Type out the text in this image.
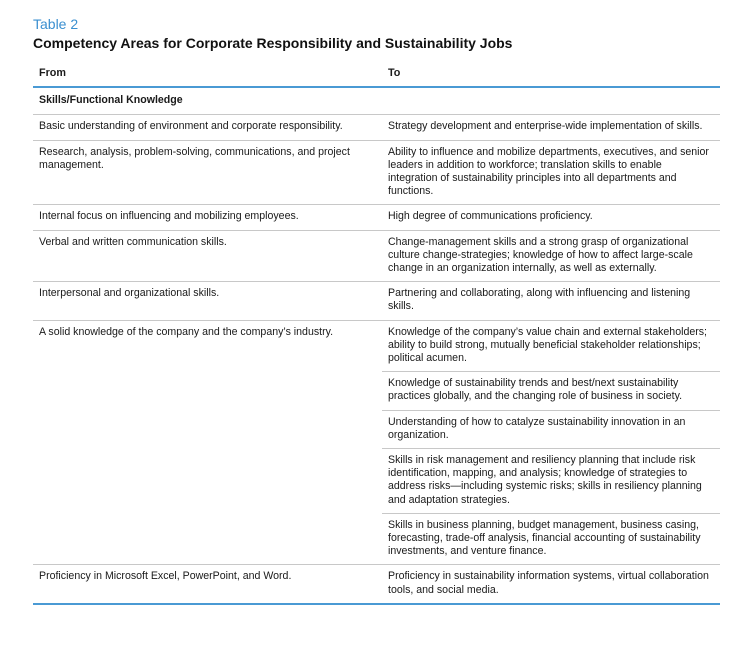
Table 2
Competency Areas for Corporate Responsibility and Sustainability Jobs
From	To
Skills/Functional Knowledge	
Basic understanding of environment and corporate responsibility.	Strategy development and enterprise-wide implementation of skills.
Research, analysis, problem-solving, communications, and project management.	Ability to influence and mobilize departments, executives, and senior leaders in addition to workforce; translation skills to enable integration of sustainability principles into all departments and functions.
Internal focus on influencing and mobilizing employees.	High degree of communications proficiency.
Verbal and written communication skills.	Change-management skills and a strong grasp of organizational culture change-strategies; knowledge of how to affect large-scale change in an organization internally, as well as externally.
Interpersonal and organizational skills.	Partnering and collaborating, along with influencing and listening skills.
A solid knowledge of the company and the company’s industry.	Knowledge of the company’s value chain and external stakeholders; ability to build strong, mutually beneficial stakeholder relationships; political acumen.
	Knowledge of sustainability trends and best/next sustainability practices globally, and the changing role of business in society.
	Understanding of how to catalyze sustainability innovation in an organization.
	Skills in risk management and resiliency planning that include risk identification, mapping, and analysis; knowledge of strategies to address risks—including systemic risks; skills in resiliency planning and adaptation strategies.
	Skills in business planning, budget management, business casing, forecasting, trade-off analysis, financial accounting of sustainability investments, and venture finance.
Proficiency in Microsoft Excel, PowerPoint, and Word.	Proficiency in sustainability information systems, virtual collaboration tools, and social media.
